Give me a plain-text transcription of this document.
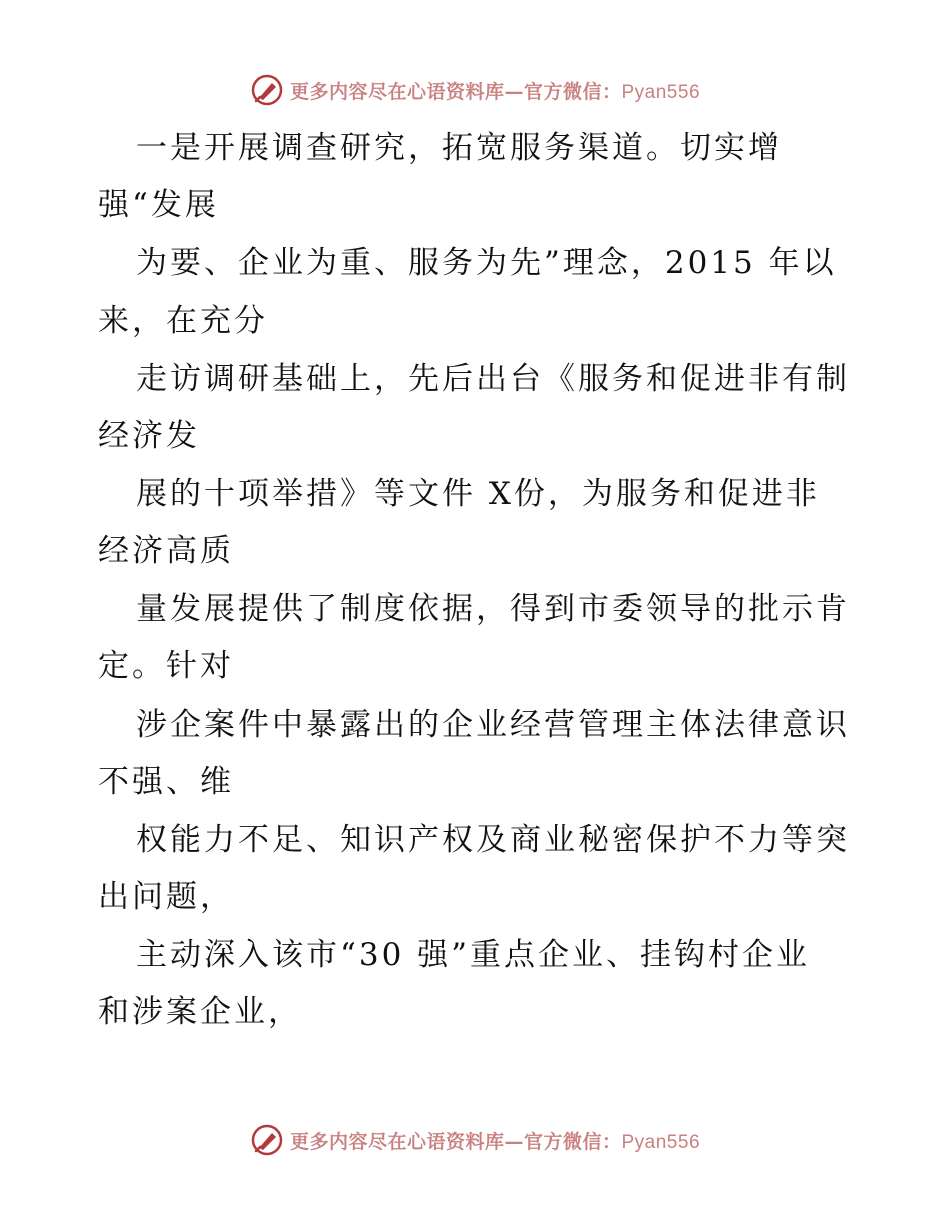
更多内容尽在心语资料库—官方微信：Pyan556
一是开展调查研究，拓宽服务渠道。切实增
强“发展
为要、企业为重、服务为先”理念，2015 年以
来，在充分
走访调研基础上，先后出台《服务和促进非有制
经济发
展的十项举措》等文件 X份，为服务和促进非
经济高质
量发展提供了制度依据，得到市委领导的批示肯
定。针对
涉企案件中暴露出的企业经营管理主体法律意识
不强、维
权能力不足、知识产权及商业秘密保护不力等突
出问题，
主动深入该市“30 强”重点企业、挂钩村企业
和涉案企业，
更多内容尽在心语资料库—官方微信：Pyan556
